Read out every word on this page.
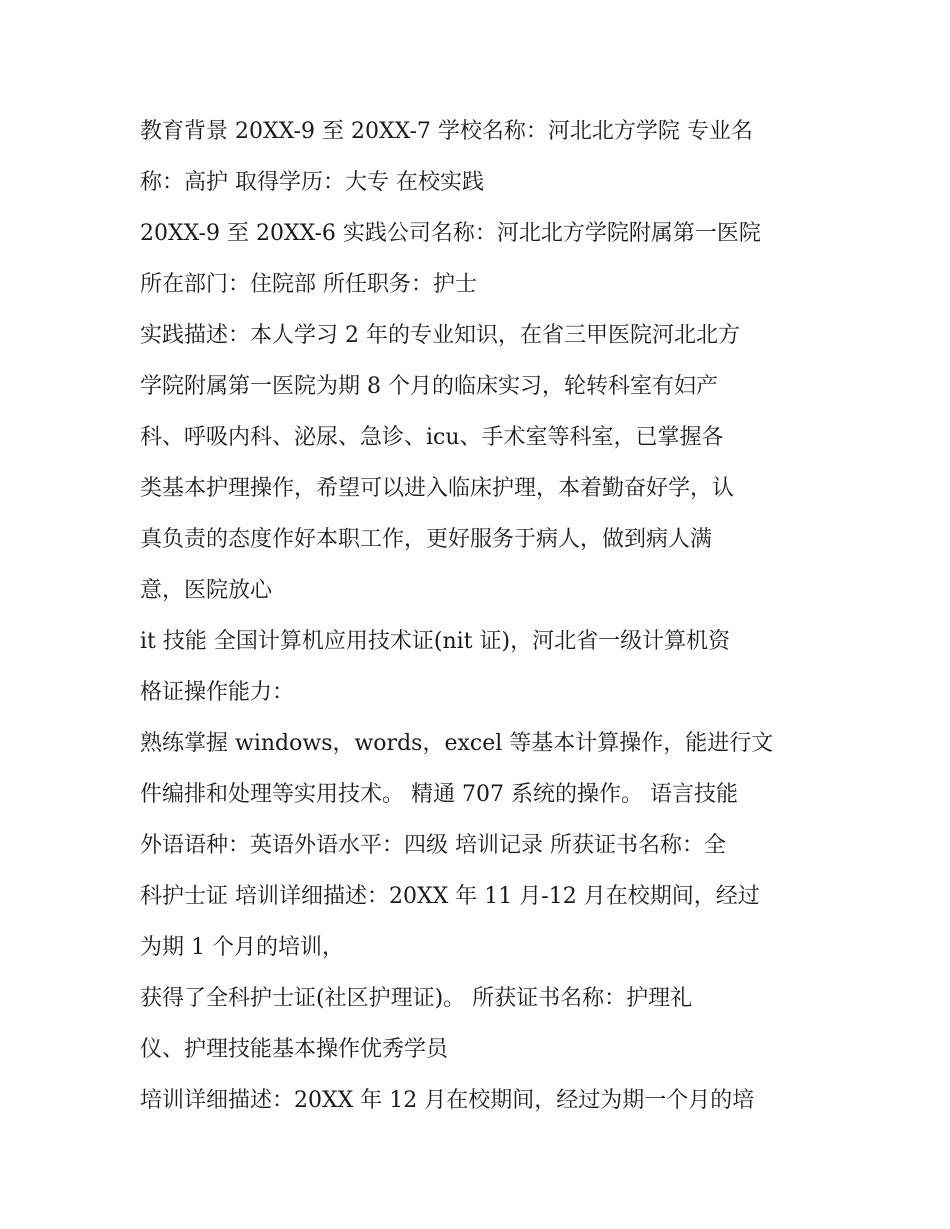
教育背景 20XX-9 至 20XX-7 学校名称：河北北方学院 专业名
称：高护 取得学历：大专 在校实践
20XX-9 至 20XX-6 实践公司名称：河北北方学院附属第一医院
所在部门：住院部 所任职务：护士
实践描述：本人学习 2 年的专业知识，在省三甲医院河北北方
学院附属第一医院为期 8 个月的临床实习，轮转科室有妇产
科、呼吸内科、泌尿、急诊、icu、手术室等科室，已掌握各
类基本护理操作，希望可以进入临床护理，本着勤奋好学，认
真负责的态度作好本职工作，更好服务于病人，做到病人满
意，医院放心
it 技能 全国计算机应用技术证(nit 证)，河北省一级计算机资
格证操作能力：
熟练掌握 windows，words，excel 等基本计算操作，能进行文
件编排和处理等实用技术。 精通 707 系统的操作。 语言技能
外语语种：英语外语水平：四级 培训记录 所获证书名称：全
科护士证 培训详细描述：20XX 年 11 月-12 月在校期间，经过
为期 1 个月的培训，
获得了全科护士证(社区护理证)。 所获证书名称：护理礼
仪、护理技能基本操作优秀学员
培训详细描述：20XX 年 12 月在校期间，经过为期一个月的培
